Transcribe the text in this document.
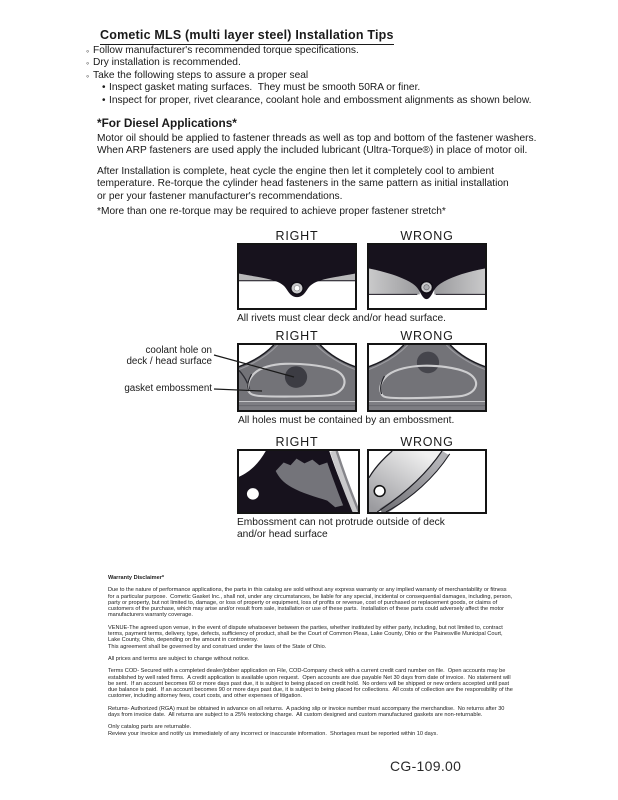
Cometic MLS (multi layer steel) Installation Tips
◦ Follow manufacturer's recommended torque specifications.
◦ Dry installation is recommended.
◦ Take the following steps to assure a proper seal
• Inspect gasket mating surfaces.  They must be smooth 50RA or finer.
• Inspect for proper, rivet clearance, coolant hole and embossment alignments as shown below.
*For Diesel Applications*
Motor oil should be applied to fastener threads as well as top and bottom of the fastener washers.
When ARP fasteners are used apply the included lubricant (Ultra-Torque®) in place of motor oil.
After Installation is complete, heat cycle the engine then let it completely cool to ambient
temperature. Re-torque the cylinder head fasteners in the same pattern as initial installation
or per your fastener manufacturer's recommendations.
*More than one re-torque may be required to achieve proper fastener stretch*
RIGHT	WRONG
All rivets must clear deck and/or head surface.
RIGHT	WRONG
coolant hole on
deck / head surface
gasket embossment
All holes must be contained by an embossment.
RIGHT	WRONG
Embossment can not protrude outside of deck
and/or head surface
Warranty Disclaimer*

Due to the nature of performance applications, the parts in this catalog are sold without any express warranty or any implied warranty of merchantability or fitness for a particular purpose.  Cometic Gasket Inc., shall not, under any circumstances, be liable for any special, incidental or consequential damages, including, person, party or property, but not limited to, damage, or loss of property or equipment, loss of profits or revenue, cost of purchased or replacement goods, or claims of customers of the purchase, which may arise and/or result from sale, installation or use of these parts.  Installation of these parts could adversely affect the motor manufacturers warranty coverage.

VENUE-The agreed upon venue, in the event of dispute whatsoever between the parties, whether instituted by either party, including, but not limited to, contract terms, payment terms, delivery, type, defects, sufficiency of product, shall be the Court of Common Pleas, Lake County, Ohio or the Painesville Municipal Court, Lake County, Ohio, depending on the amount in controversy.

This agreement shall be governed by and construed under the laws of the State of Ohio.

All prices and terms are subject to change without notice.

Terms COD- Secured with a completed dealer/jobber application on File, COD-Company check with a current credit card number on file.  Open accounts may be established by well rated firms.  A credit application is available upon request.  Open accounts are due payable Net 30 days from date of invoice.  No statement will be sent.  If an account becomes 60 or more days past due, it is subject to being placed on credit hold.  No orders will be shipped or new orders accepted until past due balance is paid.  If an account becomes 90 or more days past due, it is subject to being placed for collections.  All costs of collection are the responsibility of the customer, including attorney fees, court costs, and other expenses of litigation.

Returns- Authorized (RGA) must be obtained in advance on all returns.  A packing slip or invoice number must accompany the merchandise.  No returns after 30 days from invoice date.  All returns are subject to a 25% restocking charge.  All custom designed and custom manufactured gaskets are non-returnable.

Only catalog parts are returnable.

Review your invoice and notify us immediately of any incorrect or inaccurate information.  Shortages must be reported within 10 days.

CG-109.00
